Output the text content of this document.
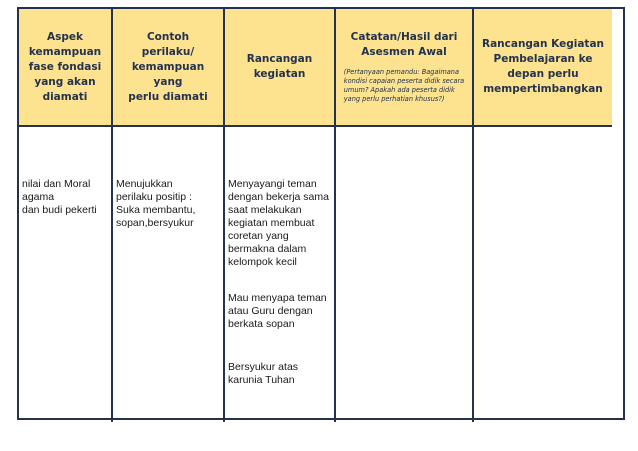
Aspek
kemampuan
fase fondasi
yang akan
diamati
Contoh perilaku/
kemampuan yang
perlu diamati
Rancangan
kegiatan
Catatan/Hasil dari
Asesmen Awal
(Pertanyaan pemandu: Bagaimana
kondisi capaian peserta didik secara
umum? Apakah ada peserta didik
yang perlu perhatian khusus?)
Rancangan Kegiatan
Pembelajaran ke
depan perlu
mempertimbangkan

nilai dan Moral
agama
dan budi pekerti

Menujukkan
perilaku positip :
Suka membantu,
sopan,bersyukur

Menyayangi teman
dengan bekerja sama
saat melakukan
kegiatan membuat
coretan yang
bermakna dalam
kelompok kecil

Mau menyapa teman
atau Guru dengan
berkata sopan

Bersyukur atas
karunia Tuhan
